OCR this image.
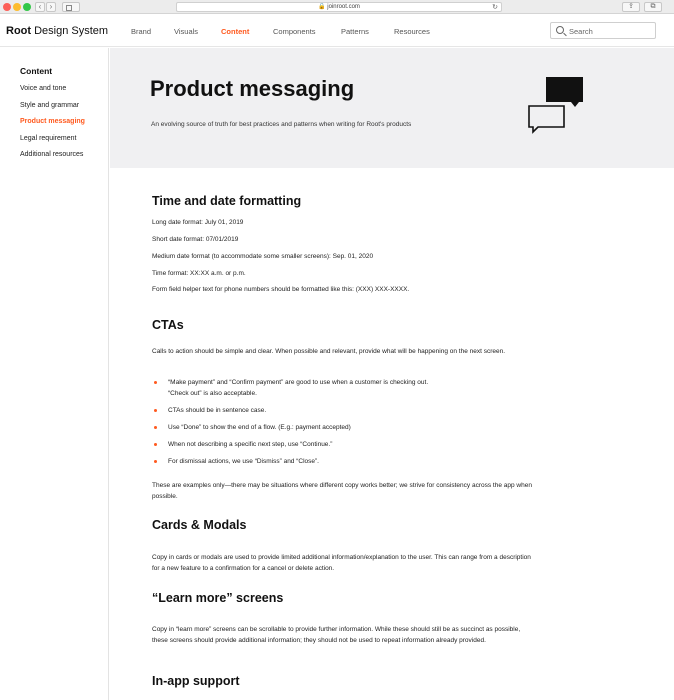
‹	›	🔒 joinroot.com	↻	⇪	⧉
Root Design System	Brand	Visuals	Content	Components	Patterns	Resources
Search
Content
Voice and tone
Style and grammar
Product messaging
Legal requirement
Additional resources
Product messaging
An evolving source of truth for best practices and patterns when writing for Root's products
Time and date formatting
Long date format: July 01, 2019
Short date format: 07/01/2019
Medium date format (to accommodate some smaller screens): Sep. 01, 2020
Time format: XX:XX a.m. or p.m.
Form field helper text for phone numbers should be formatted like this: (XXX) XXX-XXXX.
CTAs
Calls to action should be simple and clear. When possible and relevant, provide what will be happening on the next screen.
“Make payment” and “Confirm payment” are good to use when a customer is checking out. “Check out” is also acceptable.
CTAs should be in sentence case.
Use “Done” to show the end of a flow. (E.g.: payment accepted)
When not describing a specific next step, use “Continue.”
For dismissal actions, we use “Dismiss” and “Close”.
These are examples only—there may be situations where different copy works better; we strive for consistency across the app when possible.
Cards & Modals
Copy in cards or modals are used to provide limited additional information/explanation to the user. This can range from a description for a new feature to a confirmation for a cancel or delete action.
“Learn more” screens
Copy in “learn more” screens can be scrollable to provide further information. While these should still be as succinct as possible, these screens should provide additional information; they should not be used to repeat information already provided.
In-app support
